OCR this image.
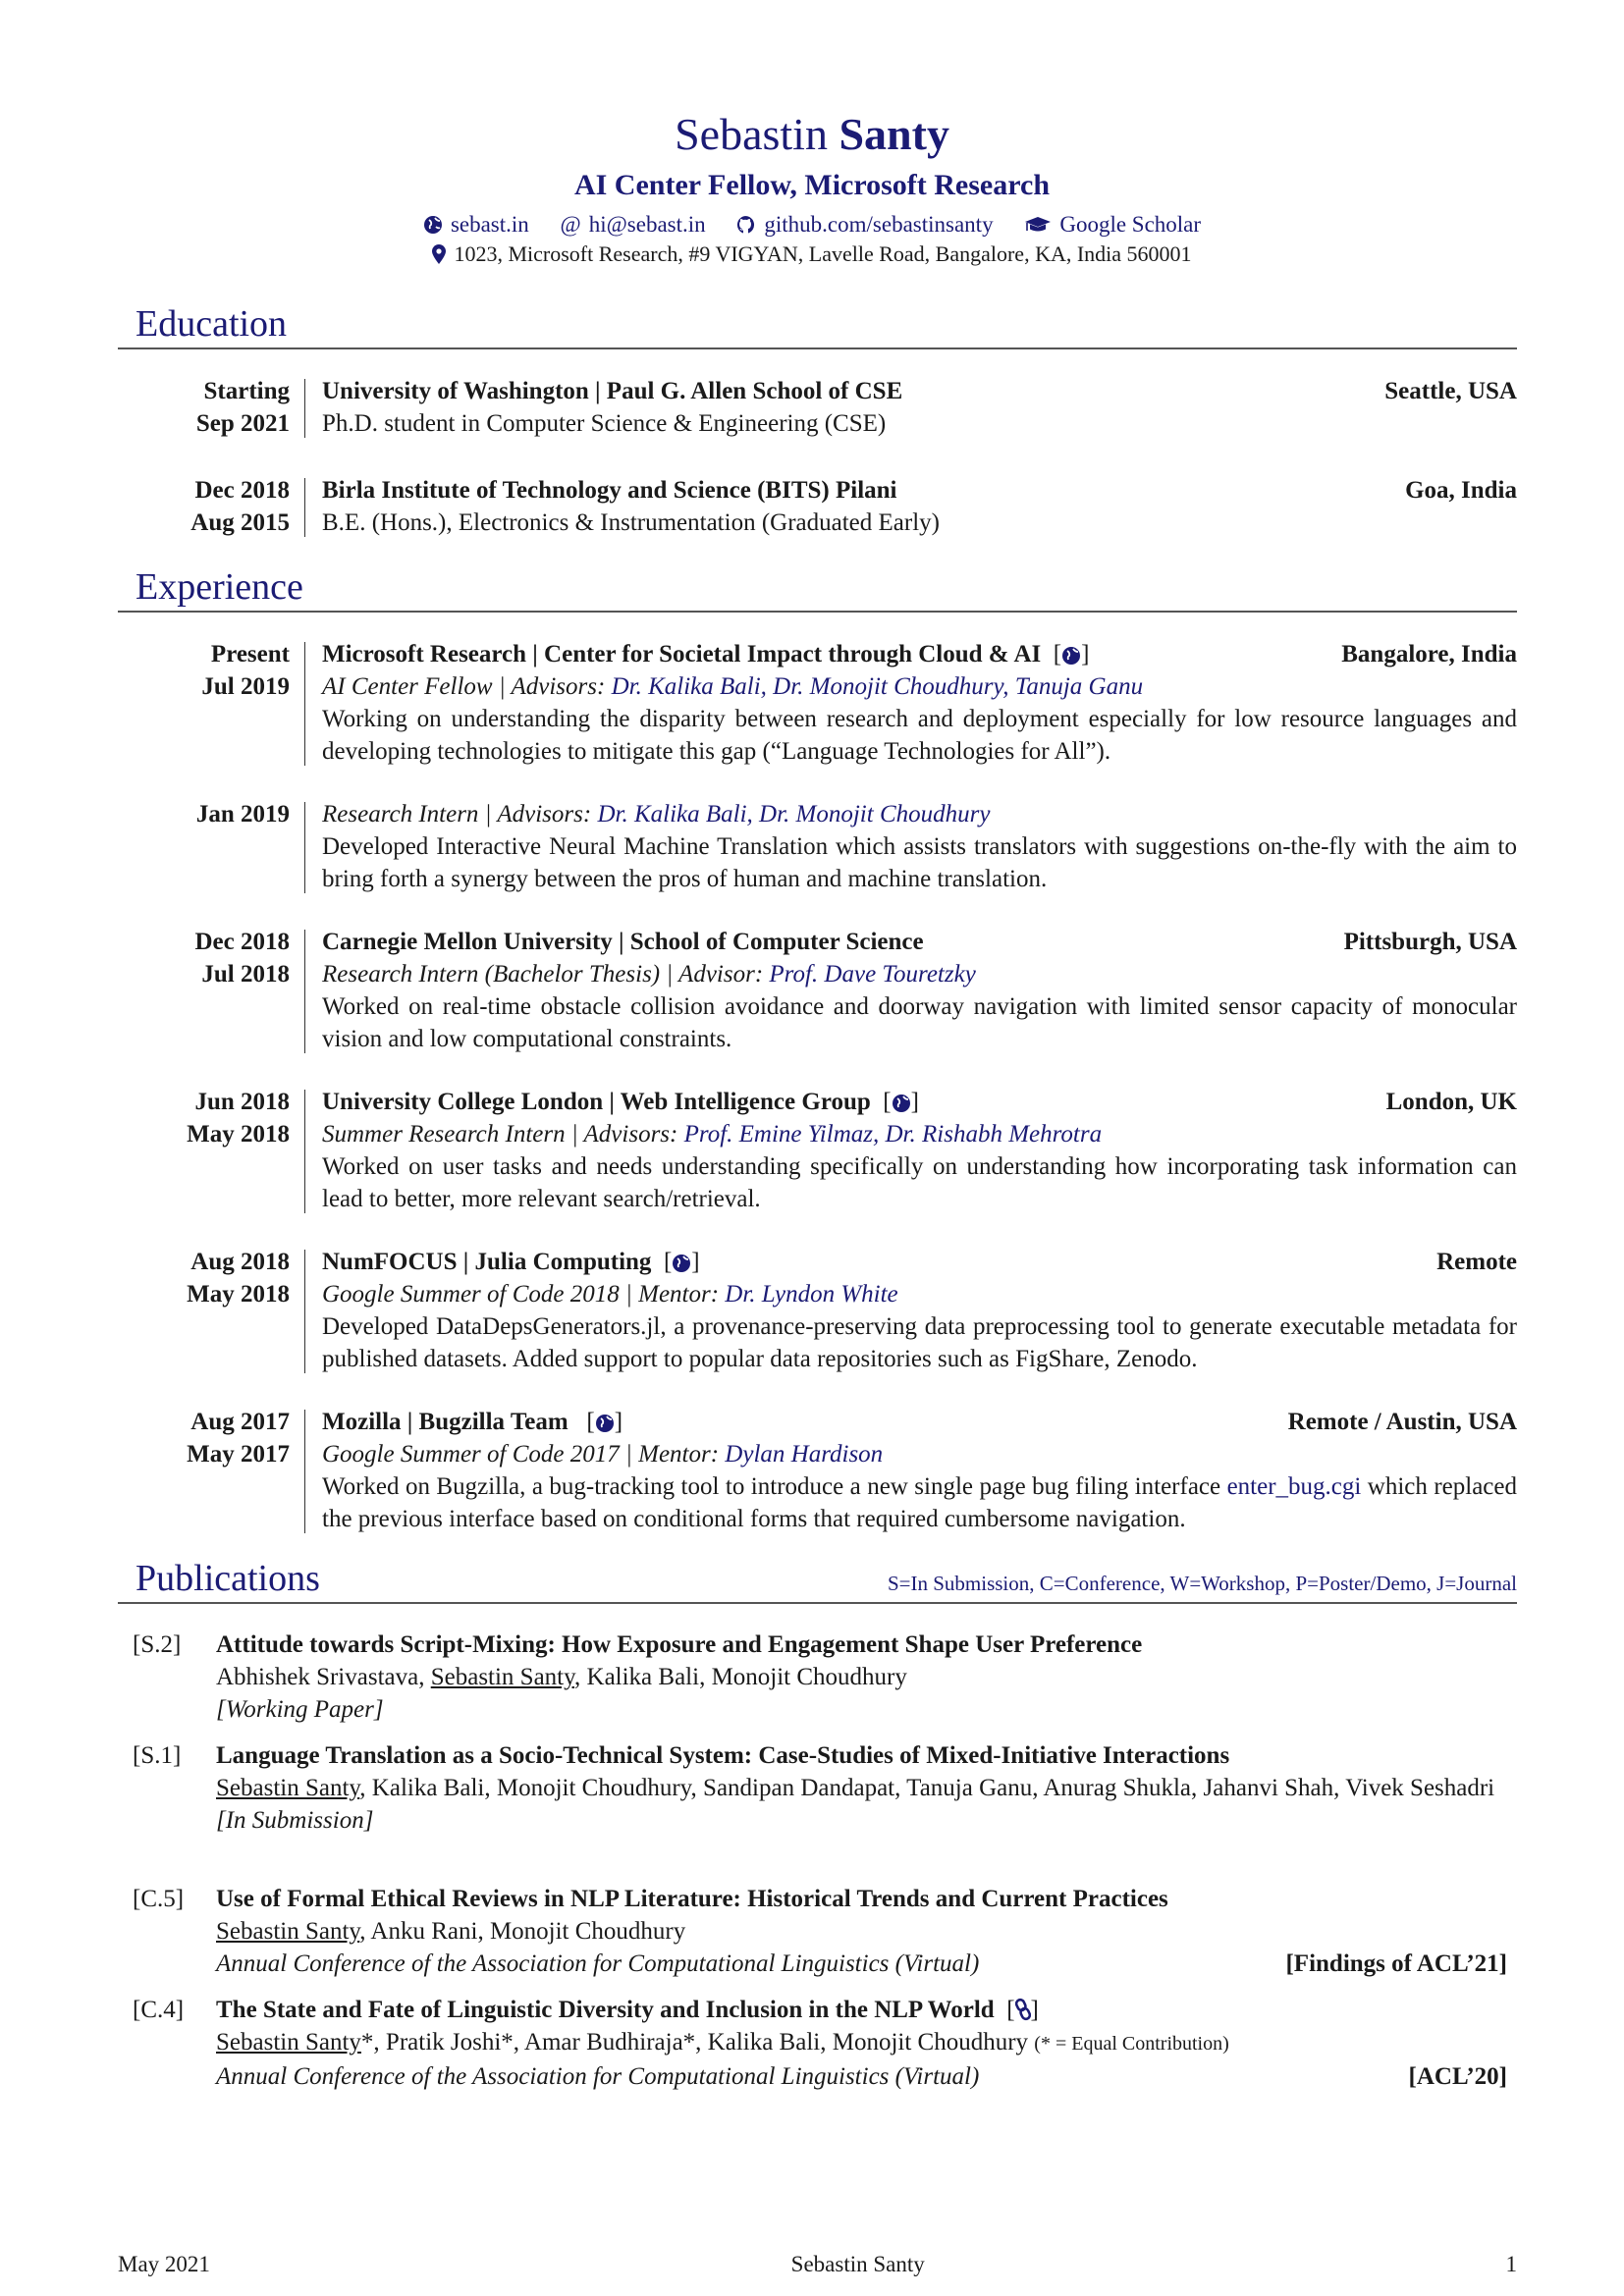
Sebastin Santy
AI Center Fellow, Microsoft Research
sebast.in @ hi@sebast.in	github.com/sebastinsanty	Google Scholar
1023, Microsoft Research, #9 VIGYAN, Lavelle Road, Bangalore, KA, India 560001
Education
Starting
Sep 2021
University of Washington | Paul G. Allen School of CSE	Seattle, USA
Ph.D. student in Computer Science & Engineering (CSE)
Dec 2018
Aug 2015
Birla Institute of Technology and Science (BITS) Pilani	Goa, India
B.E. (Hons.), Electronics & Instrumentation (Graduated Early)
Experience
Present
Jul 2019
Microsoft Research | Center for Societal Impact through Cloud & AI  [ ]	Bangalore, India
AI Center Fellow | Advisors: Dr. Kalika Bali, Dr. Monojit Choudhury, Tanuja Ganu
Working on understanding the disparity between research and deployment especially for low resource languages and developing technologies to mitigate this gap (“Language Technologies for All”).
Jan 2019 Research Intern | Advisors: Dr. Kalika Bali, Dr. Monojit Choudhury
Developed Interactive Neural Machine Translation which assists translators with suggestions on-the-fly with the aim to bring forth a synergy between the pros of human and machine translation.
Dec 2018
Jul 2018
Carnegie Mellon University | School of Computer Science	Pittsburgh, USA
Research Intern (Bachelor Thesis) | Advisor: Prof. Dave Touretzky
Worked on real-time obstacle collision avoidance and doorway navigation with limited sensor capacity of monocular vision and low computational constraints.
Jun 2018
May 2018
University College London | Web Intelligence Group  [ ]	London, UK
Summer Research Intern | Advisors: Prof. Emine Yilmaz, Dr. Rishabh Mehrotra
Worked on user tasks and needs understanding specifically on understanding how incorporating task information can lead to better, more relevant search/retrieval.
Aug 2018
May 2018
NumFOCUS | Julia Computing  [ ]	Remote
Google Summer of Code 2018 | Mentor: Dr. Lyndon White
Developed DataDepsGenerators.jl, a provenance-preserving data preprocessing tool to generate executable metadata for published datasets. Added support to popular data repositories such as FigShare, Zenodo.
Aug 2017
May 2017
Mozilla | Bugzilla Team   [ ]	Remote / Austin, USA
Google Summer of Code 2017 | Mentor: Dylan Hardison
Worked on Bugzilla, a bug-tracking tool to introduce a new single page bug filing interface enter_bug.cgi which replaced the previous interface based on conditional forms that required cumbersome navigation.
Publications	S=In Submission, C=Conference, W=Workshop, P=Poster/Demo, J=Journal
[S.2]	Attitude towards Script-Mixing: How Exposure and Engagement Shape User Preference
Abhishek Srivastava, Sebastin Santy, Kalika Bali, Monojit Choudhury
[Working Paper]
[S.1]	Language Translation as a Socio-Technical System: Case-Studies of Mixed-Initiative Interactions
Sebastin Santy, Kalika Bali, Monojit Choudhury, Sandipan Dandapat, Tanuja Ganu, Anurag Shukla, Jahanvi Shah, Vivek Seshadri
[In Submission]
[C.5]	Use of Formal Ethical Reviews in NLP Literature: Historical Trends and Current Practices
Sebastin Santy, Anku Rani, Monojit Choudhury
Annual Conference of the Association for Computational Linguistics (Virtual)	[Findings of ACL’21]
[C.4]	The State and Fate of Linguistic Diversity and Inclusion in the NLP World  [ ]
Sebastin Santy*, Pratik Joshi*, Amar Budhiraja*, Kalika Bali, Monojit Choudhury (* = Equal Contribution)
Annual Conference of the Association for Computational Linguistics (Virtual)	[ACL’20]
May 2021	Sebastin Santy	1
